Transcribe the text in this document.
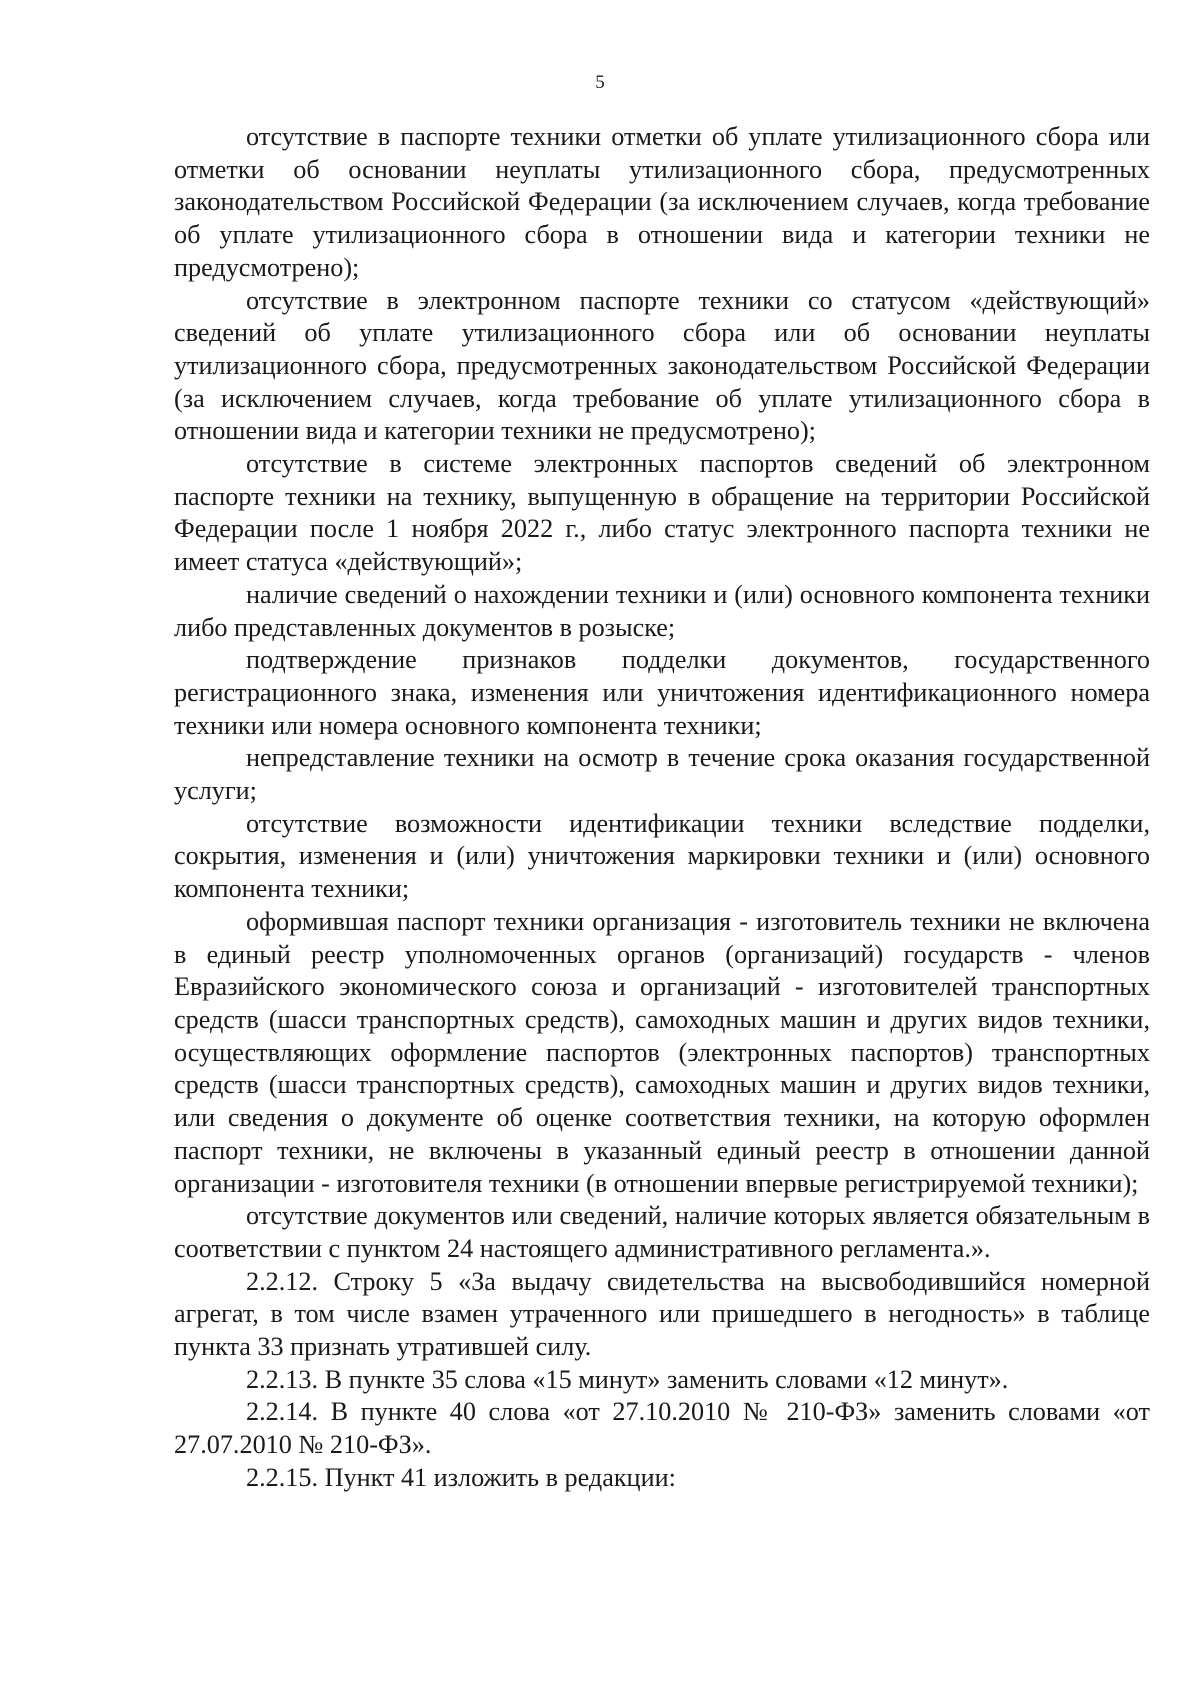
5

отсутствие в паспорте техники отметки об уплате утилизационного сбора или отметки об основании неуплаты утилизационного сбора, предусмотренных законодательством Российской Федерации (за исключением случаев, когда требование об уплате утилизационного сбора в отношении вида и категории техники не предусмотрено);

отсутствие в электронном паспорте техники со статусом «действующий» сведений об уплате утилизационного сбора или об основании неуплаты утилизационного сбора, предусмотренных законодательством Российской Федерации (за исключением случаев, когда требование об уплате утилизационного сбора в отношении вида и категории техники не предусмотрено);

отсутствие в системе электронных паспортов сведений об электронном паспорте техники на технику, выпущенную в обращение на территории Российской Федерации после 1 ноября 2022 г., либо статус электронного паспорта техники не имеет статуса «действующий»;

наличие сведений о нахождении техники и (или) основного компонента техники либо представленных документов в розыске;

подтверждение признаков подделки документов, государственного регистрационного знака, изменения или уничтожения идентификационного номера техники или номера основного компонента техники;

непредставление техники на осмотр в течение срока оказания государственной услуги;

отсутствие возможности идентификации техники вследствие подделки, сокрытия, изменения и (или) уничтожения маркировки техники и (или) основного компонента техники;

оформившая паспорт техники организация - изготовитель техники не включена в единый реестр уполномоченных органов (организаций) государств - членов Евразийского экономического союза и организаций - изготовителей транспортных средств (шасси транспортных средств), самоходных машин и других видов техники, осуществляющих оформление паспортов (электронных паспортов) транспортных средств (шасси транспортных средств), самоходных машин и других видов техники, или сведения о документе об оценке соответствия техники, на которую оформлен паспорт техники, не включены в указанный единый реестр в отношении данной организации - изготовителя техники (в отношении впервые регистрируемой техники);

отсутствие документов или сведений, наличие которых является обязательным в соответствии с пунктом 24 настоящего административного регламента.».

2.2.12. Строку 5 «За выдачу свидетельства на высвободившийся номерной агрегат, в том числе взамен утраченного или пришедшего в негодность» в таблице пункта 33 признать утратившей силу.

2.2.13. В пункте 35 слова «15 минут» заменить словами «12 минут».

2.2.14. В пункте 40 слова «от 27.10.2010 № 210-ФЗ» заменить словами «от 27.07.2010 № 210-ФЗ».

2.2.15. Пункт 41 изложить в редакции:
